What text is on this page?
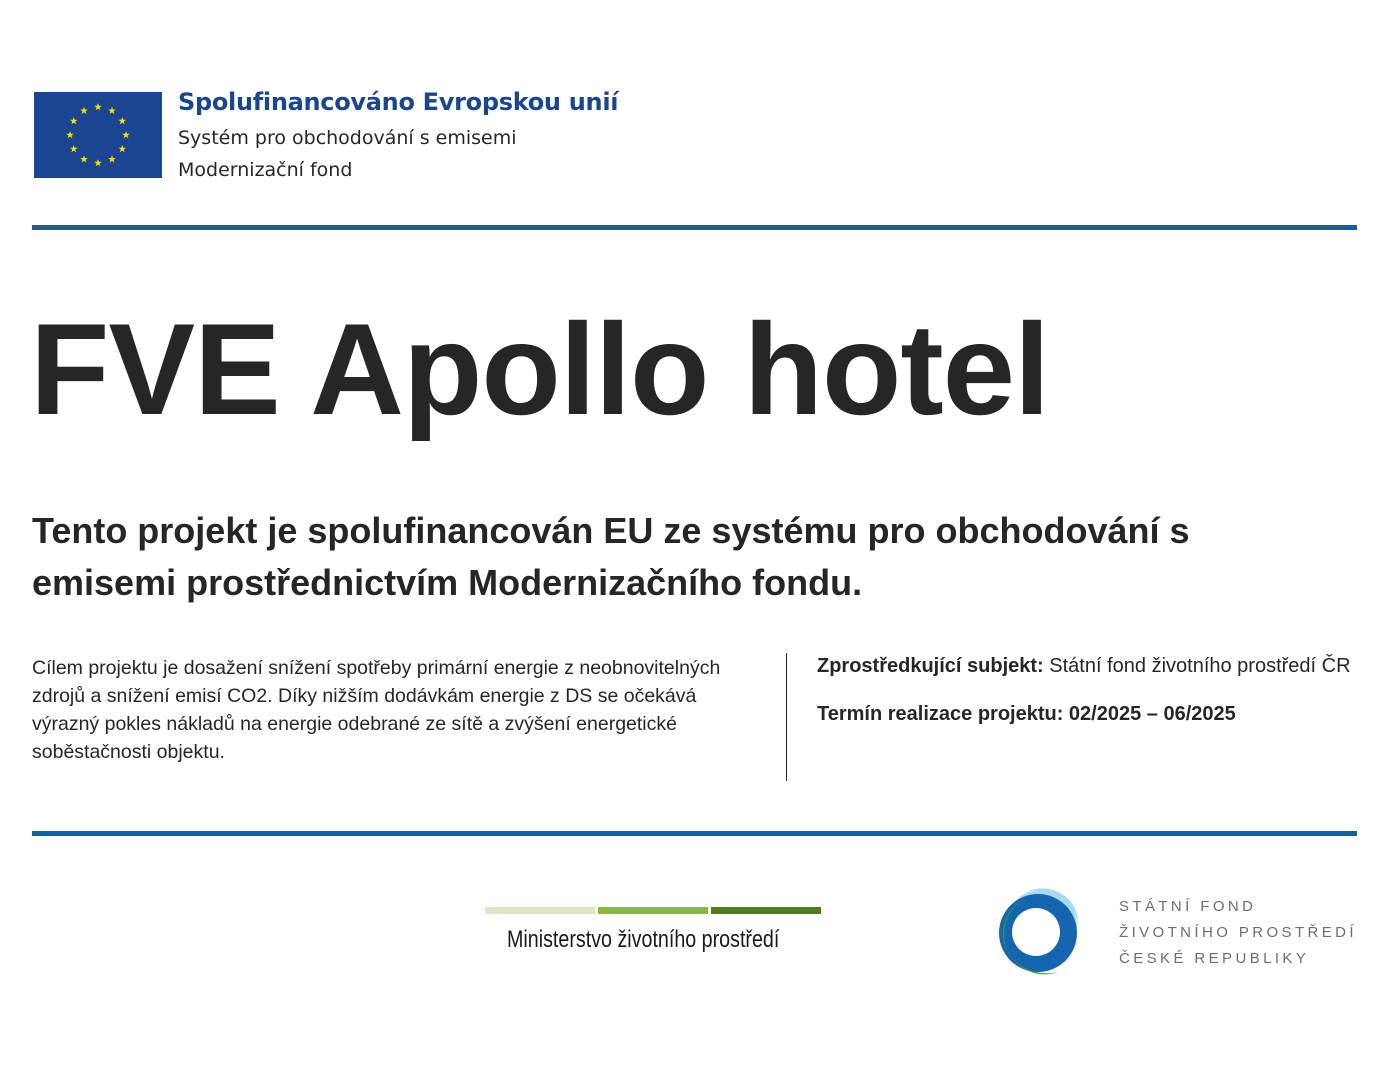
Spolufinancováno Evropskou unií
Systém pro obchodování s emisemi
Modernizační fond
FVE Apollo hotel
Tento projekt je spolufinancován EU ze systému pro obchodování s emisemi prostřednictvím Modernizačního fondu.
Cílem projektu je dosažení snížení spotřeby primární energie z neobnovitelných zdrojů a snížení emisí CO2. Díky nižším dodávkám energie z DS se očekává výrazný pokles nákladů na energie odebrané ze sítě a zvýšení energetické soběstačnosti objektu.
Zprostředkující subjekt: Státní fond životního prostředí ČR
Termín realizace projektu: 02/2025 – 06/2025
Ministerstvo životního prostředí
STÁTNÍ FOND
ŽIVOTNÍHO PROSTŘEDÍ
ČESKÉ REPUBLIKY
